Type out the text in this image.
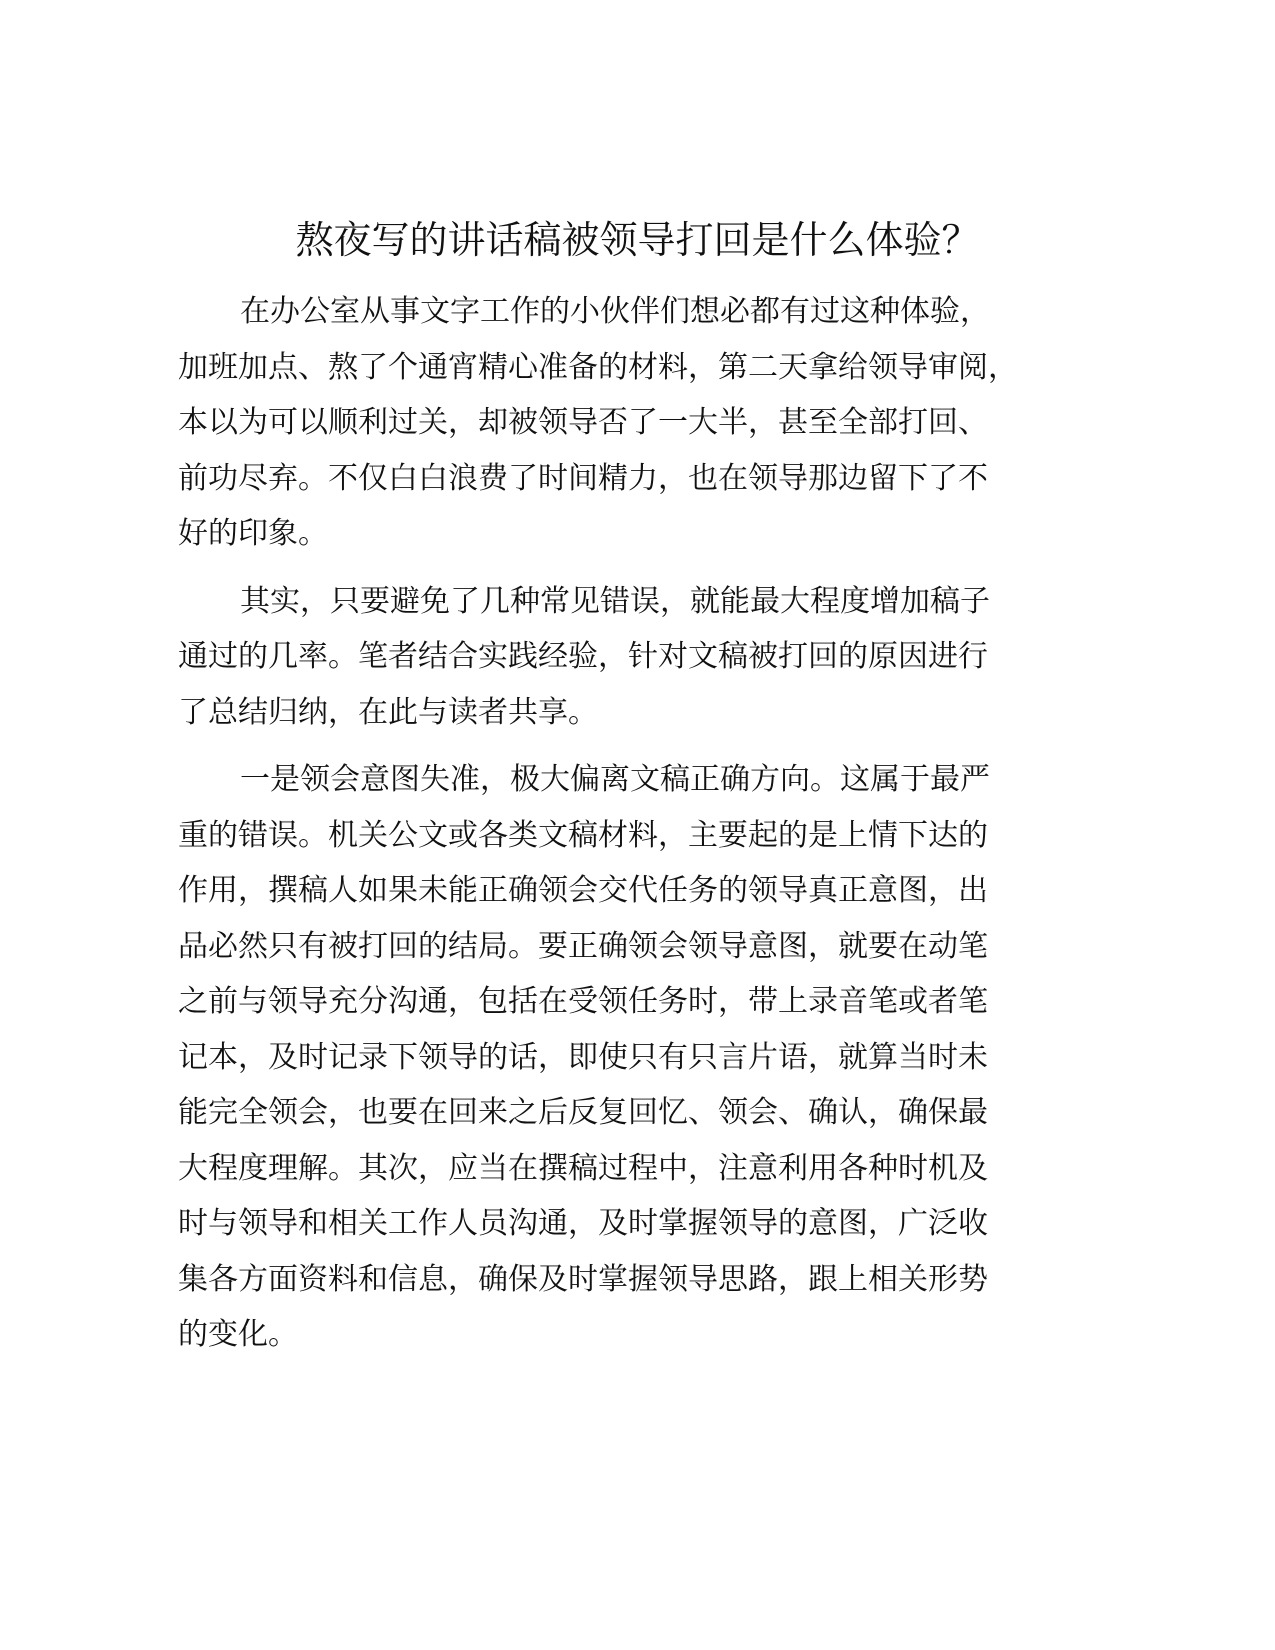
熬夜写的讲话稿被领导打回是什么体验？
在办公室从事文字工作的小伙伴们想必都有过这种体验，
加班加点、熬了个通宵精心准备的材料，第二天拿给领导审阅，
本以为可以顺利过关，却被领导否了一大半，甚至全部打回、
前功尽弃。不仅白白浪费了时间精力，也在领导那边留下了不
好的印象。
其实，只要避免了几种常见错误，就能最大程度增加稿子
通过的几率。笔者结合实践经验，针对文稿被打回的原因进行
了总结归纳，在此与读者共享。
一是领会意图失准，极大偏离文稿正确方向。这属于最严
重的错误。机关公文或各类文稿材料，主要起的是上情下达的
作用，撰稿人如果未能正确领会交代任务的领导真正意图，出
品必然只有被打回的结局。要正确领会领导意图，就要在动笔
之前与领导充分沟通，包括在受领任务时，带上录音笔或者笔
记本，及时记录下领导的话，即使只有只言片语，就算当时未
能完全领会，也要在回来之后反复回忆、领会、确认，确保最
大程度理解。其次，应当在撰稿过程中，注意利用各种时机及
时与领导和相关工作人员沟通，及时掌握领导的意图，广泛收
集各方面资料和信息，确保及时掌握领导思路，跟上相关形势
的变化。
